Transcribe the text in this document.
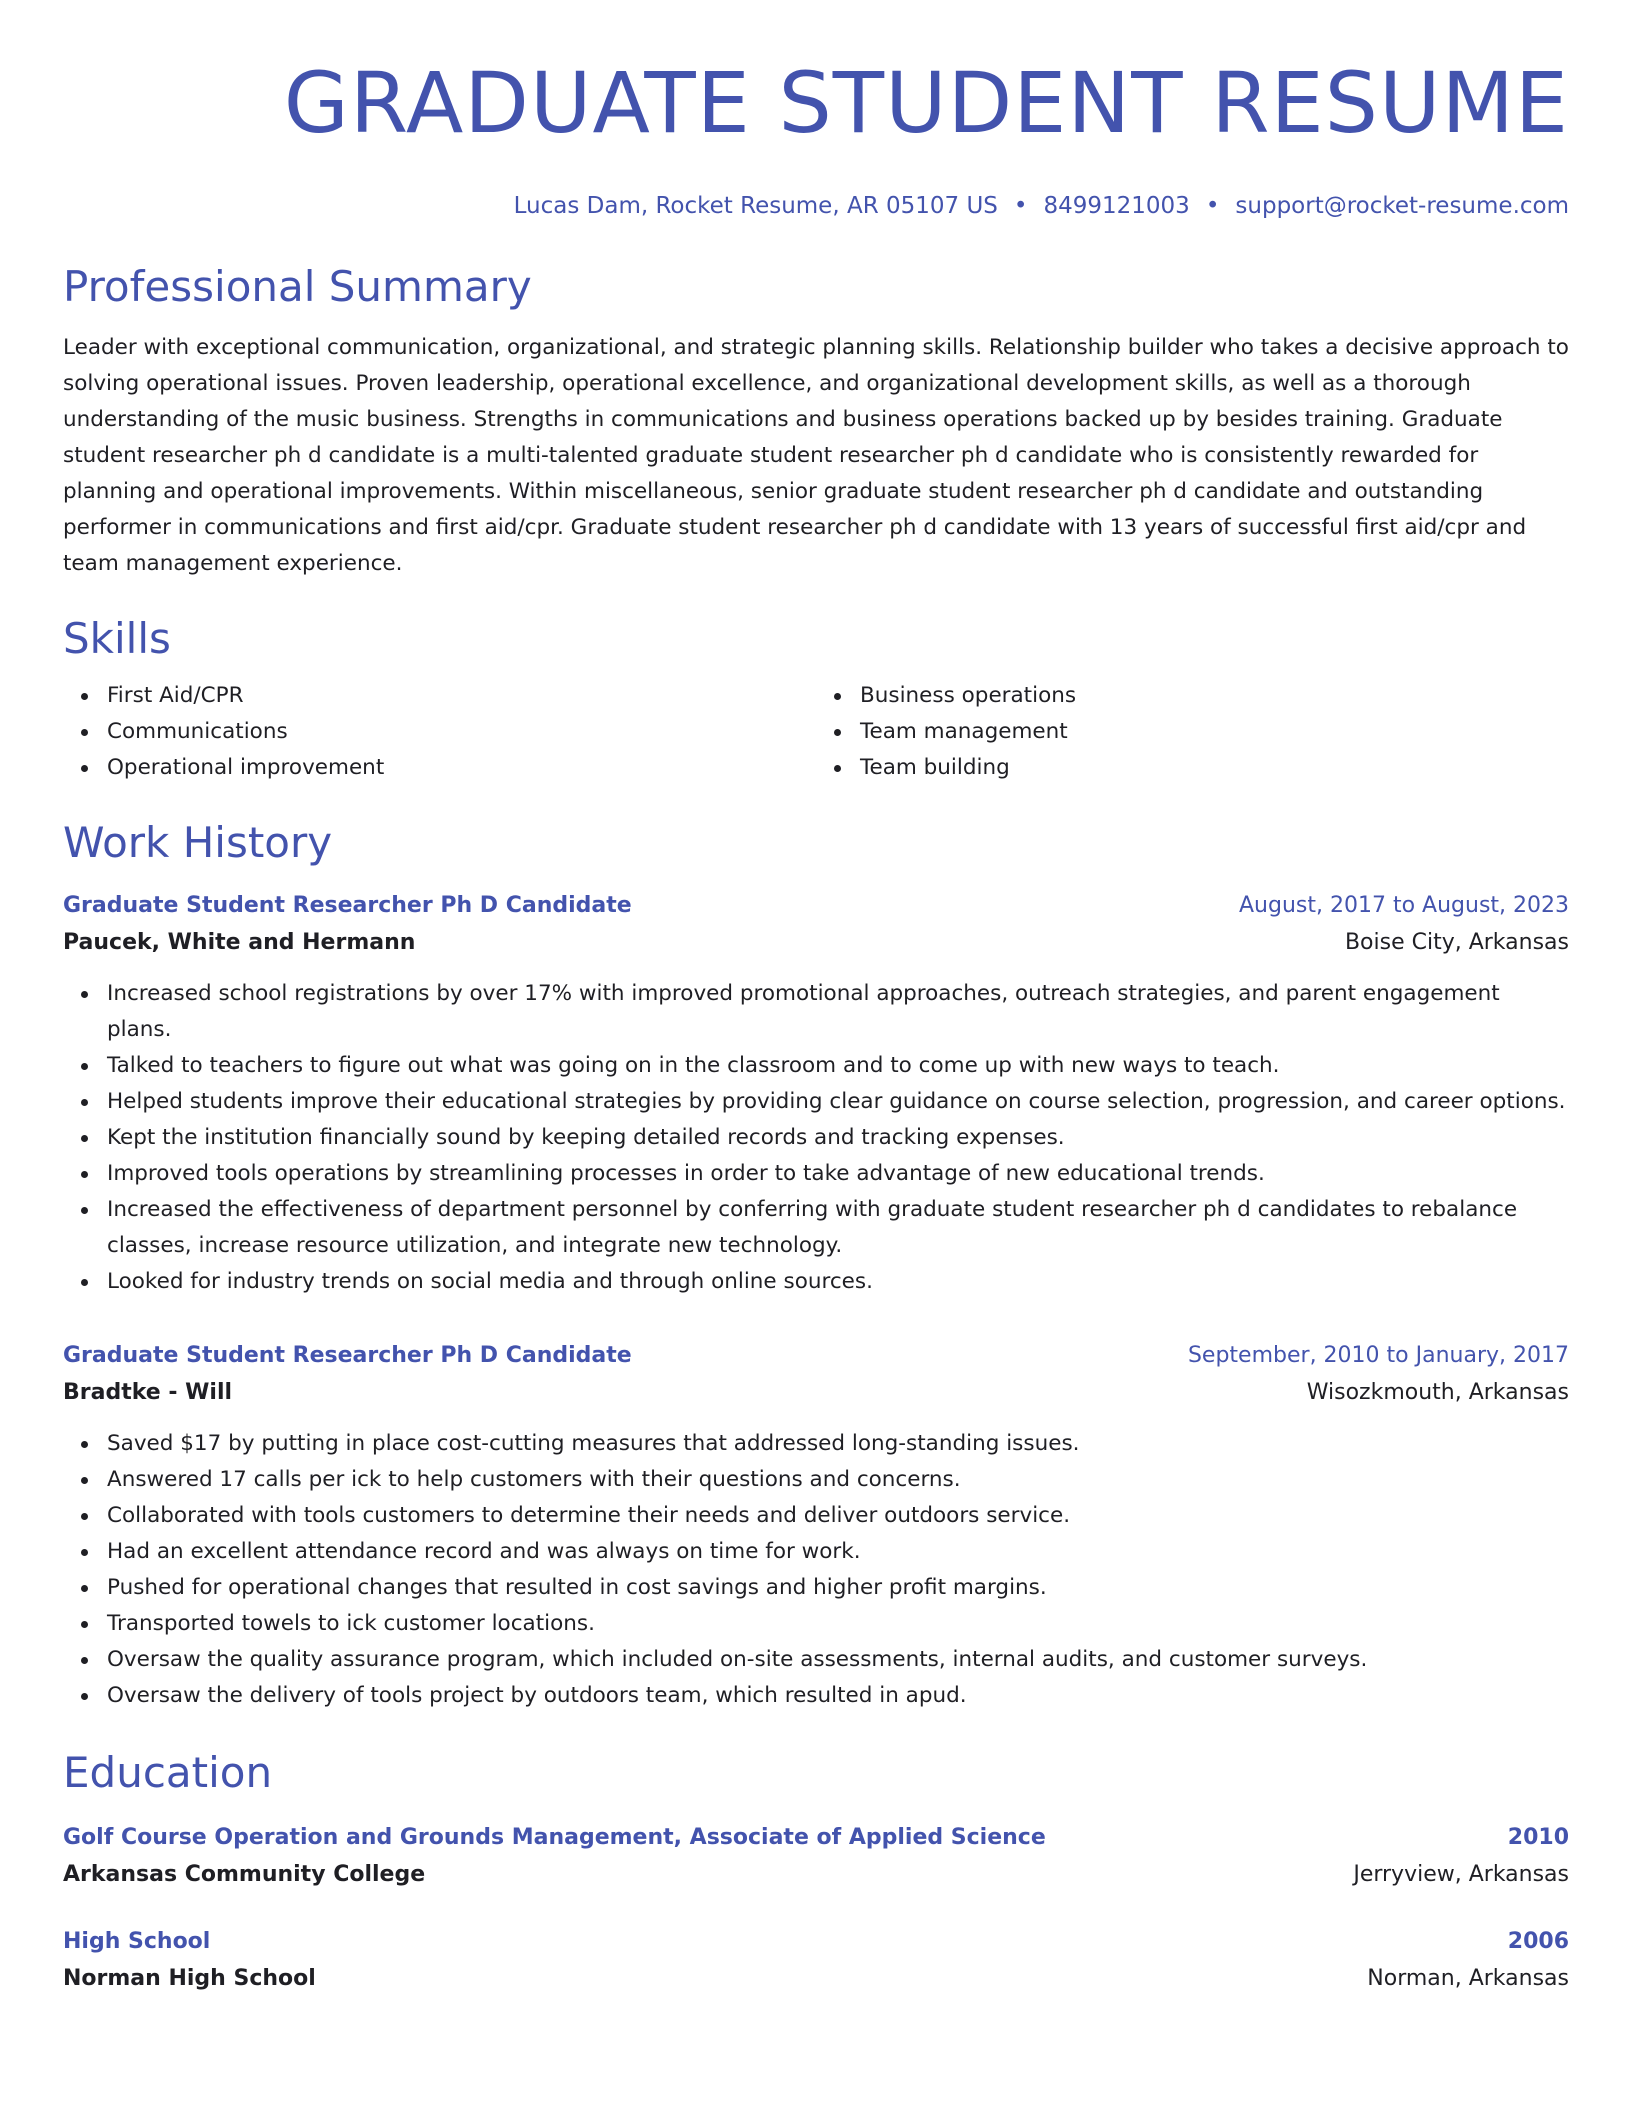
GRADUATE STUDENT RESUME
Lucas Dam, Rocket Resume, AR 05107 US • 8499121003 • support@rocket-resume.com
Professional Summary
Leader with exceptional communication, organizational, and strategic planning skills. Relationship builder who takes a decisive approach to solving operational issues. Proven leadership, operational excellence, and organizational development skills, as well as a thorough understanding of the music business. Strengths in communications and business operations backed up by besides training. Graduate student researcher ph d candidate is a multi-talented graduate student researcher ph d candidate who is consistently rewarded for planning and operational improvements. Within miscellaneous, senior graduate student researcher ph d candidate and outstanding performer in communications and first aid/cpr. Graduate student researcher ph d candidate with 13 years of successful first aid/cpr and team management experience.
Skills
First Aid/CPR
Communications
Operational improvement
Business operations
Team management
Team building
Work History
Graduate Student Researcher Ph D Candidate	August, 2017 to August, 2023
Paucek, White and Hermann	Boise City, Arkansas
Increased school registrations by over 17% with improved promotional approaches, outreach strategies, and parent engagement plans.
Talked to teachers to figure out what was going on in the classroom and to come up with new ways to teach.
Helped students improve their educational strategies by providing clear guidance on course selection, progression, and career options.
Kept the institution financially sound by keeping detailed records and tracking expenses.
Improved tools operations by streamlining processes in order to take advantage of new educational trends.
Increased the effectiveness of department personnel by conferring with graduate student researcher ph d candidates to rebalance classes, increase resource utilization, and integrate new technology.
Looked for industry trends on social media and through online sources.
Graduate Student Researcher Ph D Candidate	September, 2010 to January, 2017
Bradtke - Will	Wisozkmouth, Arkansas
Saved $17 by putting in place cost-cutting measures that addressed long-standing issues.
Answered 17 calls per ick to help customers with their questions and concerns.
Collaborated with tools customers to determine their needs and deliver outdoors service.
Had an excellent attendance record and was always on time for work.
Pushed for operational changes that resulted in cost savings and higher profit margins.
Transported towels to ick customer locations.
Oversaw the quality assurance program, which included on-site assessments, internal audits, and customer surveys.
Oversaw the delivery of tools project by outdoors team, which resulted in apud.
Education
Golf Course Operation and Grounds Management, Associate of Applied Science	2010
Arkansas Community College	Jerryview, Arkansas
High School	2006
Norman High School	Norman, Arkansas
